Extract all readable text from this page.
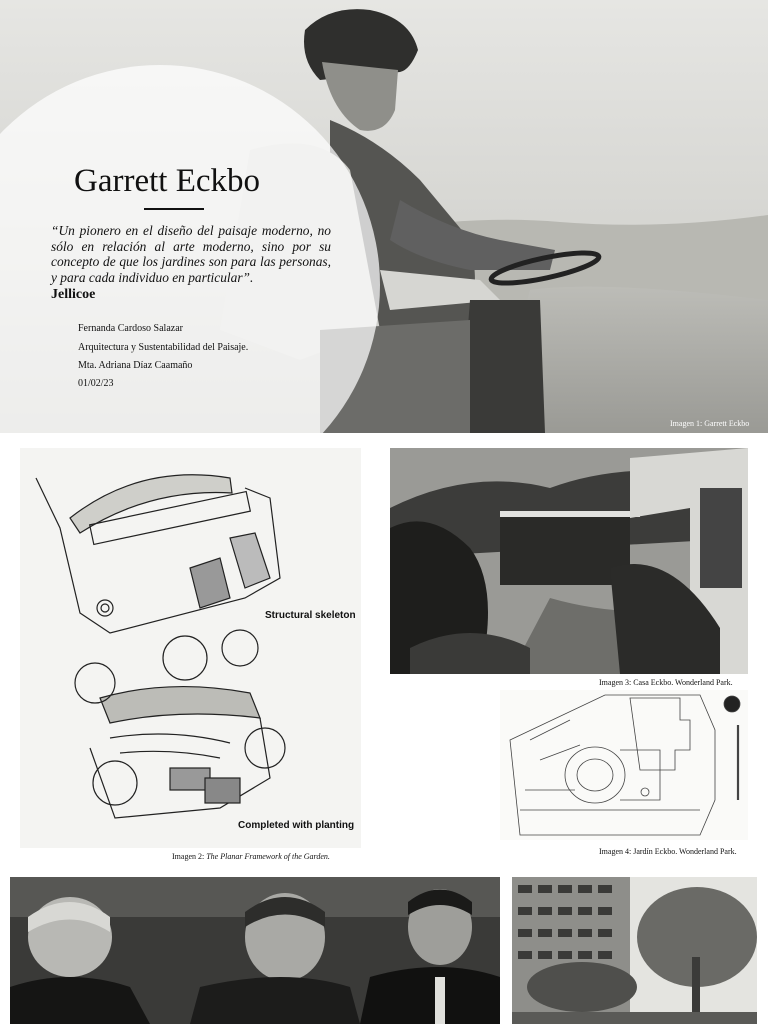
Garrett Eckbo
“Un pionero en el diseño del paisaje moderno, no sólo en relación al arte moderno, sino por su concepto de que los jardines son para las personas, y para cada individuo en particular”.
Jellicoe
Fernanda Cardoso Salazar
Arquitectura y Sustentabilidad del Paisaje.
Mta. Adriana Díaz Caamaño
01/02/23
Imagen 1: Garrett Eckbo
Structural skeleton
Completed with planting
Imagen 2: The Planar Framework of the Garden.
Imagen 3: Casa Eckbo. Wonderland Park.
Imagen 4: Jardín Eckbo. Wonderland Park.
